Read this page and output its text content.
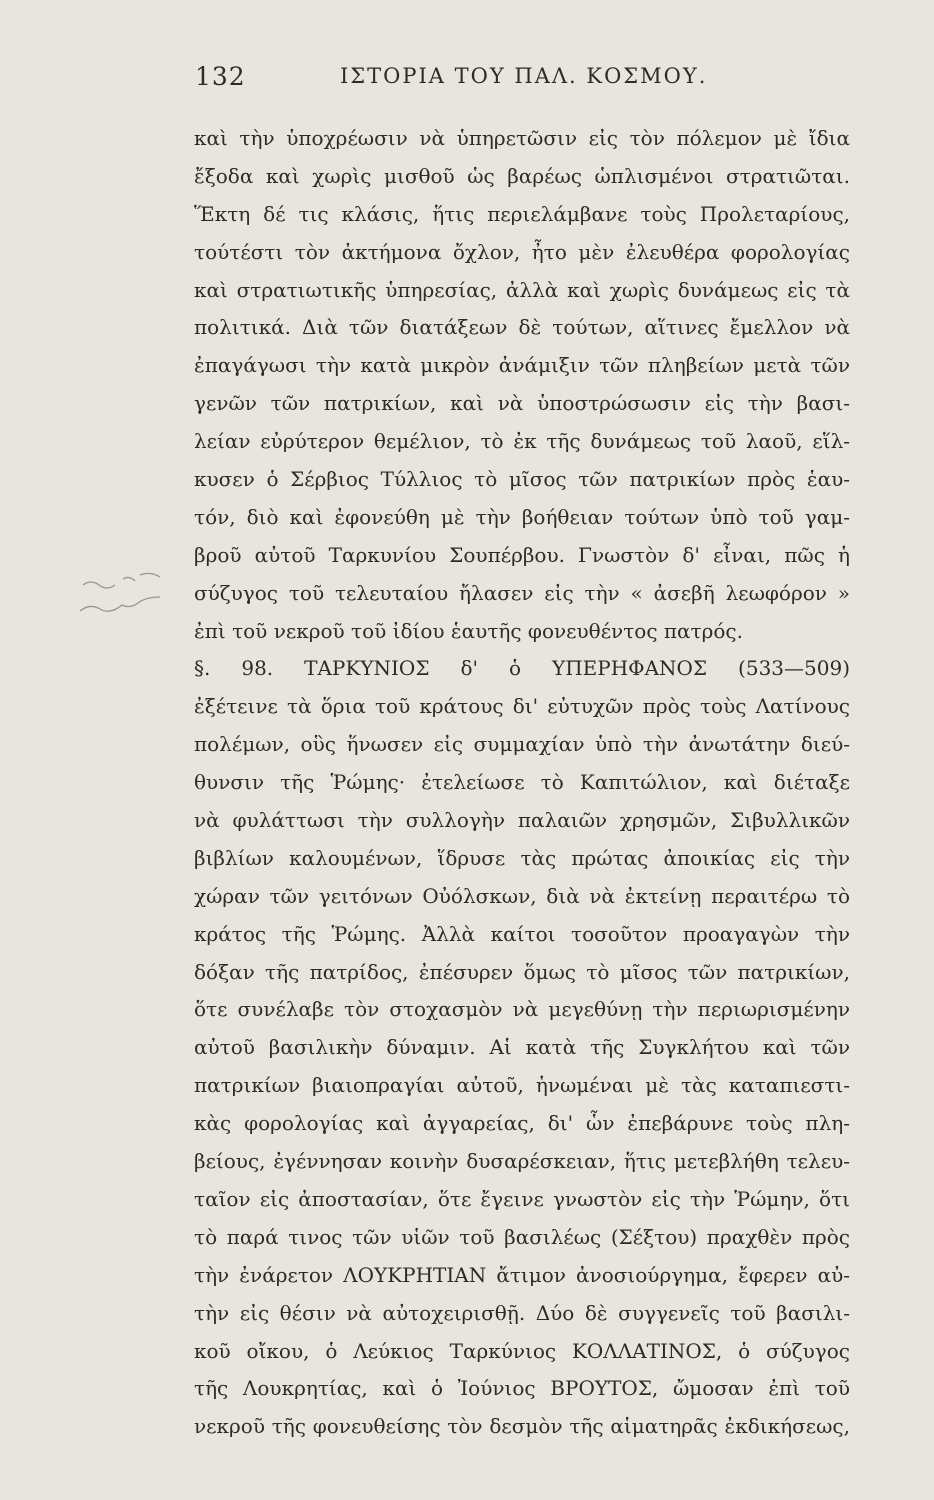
132	ΙΣΤΟΡΙΑ ΤΟΥ ΠΑΛ. ΚΟΣΜΟΥ.
καὶ τὴν ὑποχρέωσιν νὰ ὑπηρετῶσιν εἰς τὸν πόλεμον μὲ ἴδια
ἔξοδα καὶ χωρὶς μισθοῦ ὡς βαρέως ὡπλισμένοι στρατιῶται.
Ἕκτη δέ τις κλάσις, ἥτις περιελάμβανε τοὺς Προλεταρίους,
τούτέστι τὸν ἀκτήμονα ὄχλον, ἦτο μὲν ἐλευθέρα φορολογίας
καὶ στρατιωτικῆς ὑπηρεσίας, ἀλλὰ καὶ χωρὶς δυνάμεως εἰς τὰ
πολιτικά. Διὰ τῶν διατάξεων δὲ τούτων, αἵτινες ἔμελλον νὰ
ἐπαγάγωσι τὴν κατὰ μικρὸν ἀνάμιξιν τῶν πληβείων μετὰ τῶν
γενῶν τῶν πατρικίων, καὶ νὰ ὑποστρώσωσιν εἰς τὴν βασι-
λείαν εὐρύτερον θεμέλιον, τὸ ἐκ τῆς δυνάμεως τοῦ λαοῦ, εἵλ-
κυσεν ὁ Σέρβιος Τύλλιος τὸ μῖσος τῶν πατρικίων πρὸς ἑαυ-
τόν, διὸ καὶ ἐφονεύθη μὲ τὴν βοήθειαν τούτων ὑπὸ τοῦ γαμ-
βροῦ αὐτοῦ Ταρκυνίου Σουπέρβου. Γνωστὸν δ' εἶναι, πῶς ἡ
σύζυγος τοῦ τελευταίου ἤλασεν εἰς τὴν « ἀσεβῆ λεωφόρον »
ἐπὶ τοῦ νεκροῦ τοῦ ἰδίου ἑαυτῆς φονευθέντος πατρός.
§. 98. ΤΑΡΚΥΝΙΟΣ δ' ὁ ΥΠΕΡΗΦΑΝΟΣ (533—509)
ἐξέτεινε τὰ ὅρια τοῦ κράτους δι' εὐτυχῶν πρὸς τοὺς Λατίνους
πολέμων, οὓς ἥνωσεν εἰς συμμαχίαν ὑπὸ τὴν ἀνωτάτην διεύ-
θυνσιν τῆς Ῥώμης· ἐτελείωσε τὸ Καπιτώλιον, καὶ διέταξε
νὰ φυλάττωσι τὴν συλλογὴν παλαιῶν χρησμῶν, Σιβυλλικῶν
βιβλίων καλουμένων, ἵδρυσε τὰς πρώτας ἀποικίας εἰς τὴν
χώραν τῶν γειτόνων Οὐόλσκων, διὰ νὰ ἐκτείνῃ περαιτέρω τὸ
κράτος τῆς Ῥώμης. Ἀλλὰ καίτοι τοσοῦτον προαγαγὼν τὴν
δόξαν τῆς πατρίδος, ἐπέσυρεν ὅμως τὸ μῖσος τῶν πατρικίων,
ὅτε συνέλαβε τὸν στοχασμὸν νὰ μεγεθύνῃ τὴν περιωρισμένην
αὐτοῦ βασιλικὴν δύναμιν. Αἱ κατὰ τῆς Συγκλήτου καὶ τῶν
πατρικίων βιαιοπραγίαι αὐτοῦ, ἡνωμέναι μὲ τὰς καταπιεστι-
κὰς φορολογίας καὶ ἀγγαρείας, δι' ὧν ἐπεβάρυνε τοὺς πλη-
βείους, ἐγέννησαν κοινὴν δυσαρέσκειαν, ἥτις μετεβλήθη τελευ-
ταῖον εἰς ἀποστασίαν, ὅτε ἔγεινε γνωστὸν εἰς τὴν Ῥώμην, ὅτι
τὸ παρά τινος τῶν υἱῶν τοῦ βασιλέως (Σέξτου) πραχθὲν πρὸς
τὴν ἐνάρετον ΛΟΥΚΡΗΤΙΑΝ ἄτιμον ἀνοσιούργημα, ἔφερεν αὐ-
τὴν εἰς θέσιν νὰ αὐτοχειρισθῇ. Δύο δὲ συγγενεῖς τοῦ βασιλι-
κοῦ οἴκου, ὁ Λεύκιος Ταρκύνιος ΚΟΛΛΑΤΙΝΟΣ, ὁ σύζυγος
τῆς Λουκρητίας, καὶ ὁ Ἰούνιος ΒΡΟΥΤΟΣ, ὤμοσαν ἐπὶ τοῦ
νεκροῦ τῆς φονευθείσης τὸν δεσμὸν τῆς αἱματηρᾶς ἐκδικήσεως,
